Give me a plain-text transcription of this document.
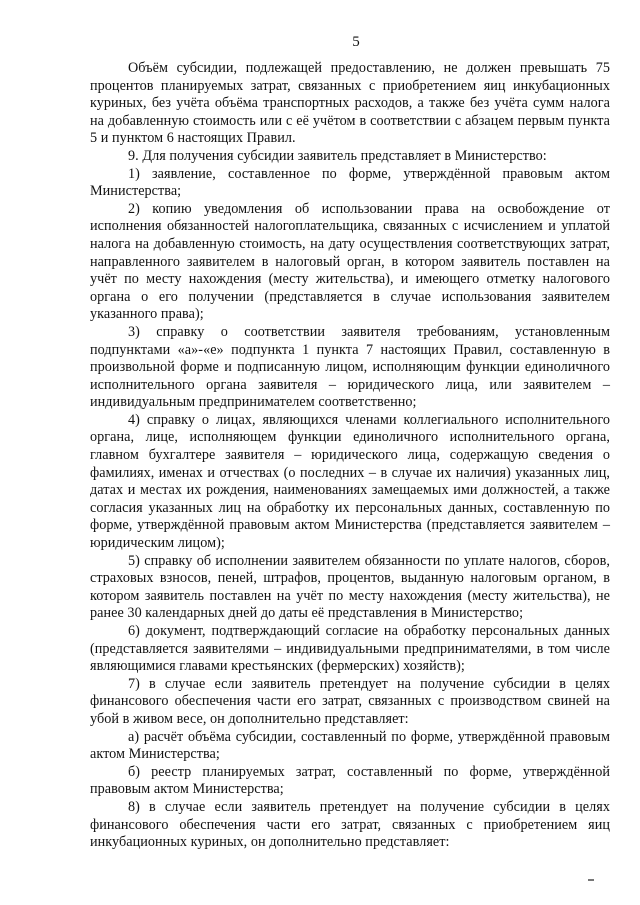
5

Объём субсидии, подлежащей предоставлению, не должен превышать 75 процентов планируемых затрат, связанных с приобретением яиц инкубационных куриных, без учёта объёма транспортных расходов, а также без учёта сумм налога на добавленную стоимость или с её учётом в соответствии с абзацем первым пункта 5 и пунктом 6 настоящих Правил.

9. Для получения субсидии заявитель представляет в Министерство:

1) заявление, составленное по форме, утверждённой правовым актом Министерства;

2) копию уведомления об использовании права на освобождение от исполнения обязанностей налогоплательщика, связанных с исчислением и уплатой налога на добавленную стоимость, на дату осуществления соответствующих затрат, направленного заявителем в налоговый орган, в котором заявитель поставлен на учёт по месту нахождения (месту жительства), и имеющего отметку налогового органа о его получении (представляется в случае использования заявителем указанного права);

3) справку о соответствии заявителя требованиям, установленным подпунктами «а»-«е» подпункта 1 пункта 7 настоящих Правил, составленную в произвольной форме и подписанную лицом, исполняющим функции единоличного исполнительного органа заявителя – юридического лица, или заявителем – индивидуальным предпринимателем соответственно;

4) справку о лицах, являющихся членами коллегиального исполнительного органа, лице, исполняющем функции единоличного исполнительного органа, главном бухгалтере заявителя – юридического лица, содержащую сведения о фамилиях, именах и отчествах (о последних – в случае их наличия) указанных лиц, датах и местах их рождения, наименованиях замещаемых ими должностей, а также согласия указанных лиц на обработку их персональных данных, составленную по форме, утверждённой правовым актом Министерства (представляется заявителем – юридическим лицом);

5) справку об исполнении заявителем обязанности по уплате налогов, сборов, страховых взносов, пеней, штрафов, процентов, выданную налоговым органом, в котором заявитель поставлен на учёт по месту нахождения (месту жительства), не ранее 30 календарных дней до даты её представления в Министерство;

6) документ, подтверждающий согласие на обработку персональных данных (представляется заявителями – индивидуальными предпринимателями, в том числе являющимися главами крестьянских (фермерских) хозяйств);

7) в случае если заявитель претендует на получение субсидии в целях финансового обеспечения части его затрат, связанных с производством свиней на убой в живом весе, он дополнительно представляет:

а) расчёт объёма субсидии, составленный по форме, утверждённой правовым актом Министерства;

б) реестр планируемых затрат, составленный по форме, утверждённой правовым актом Министерства;

8) в случае если заявитель претендует на получение субсидии в целях финансового обеспечения части его затрат, связанных с приобретением яиц инкубационных куриных, он дополнительно представляет:
